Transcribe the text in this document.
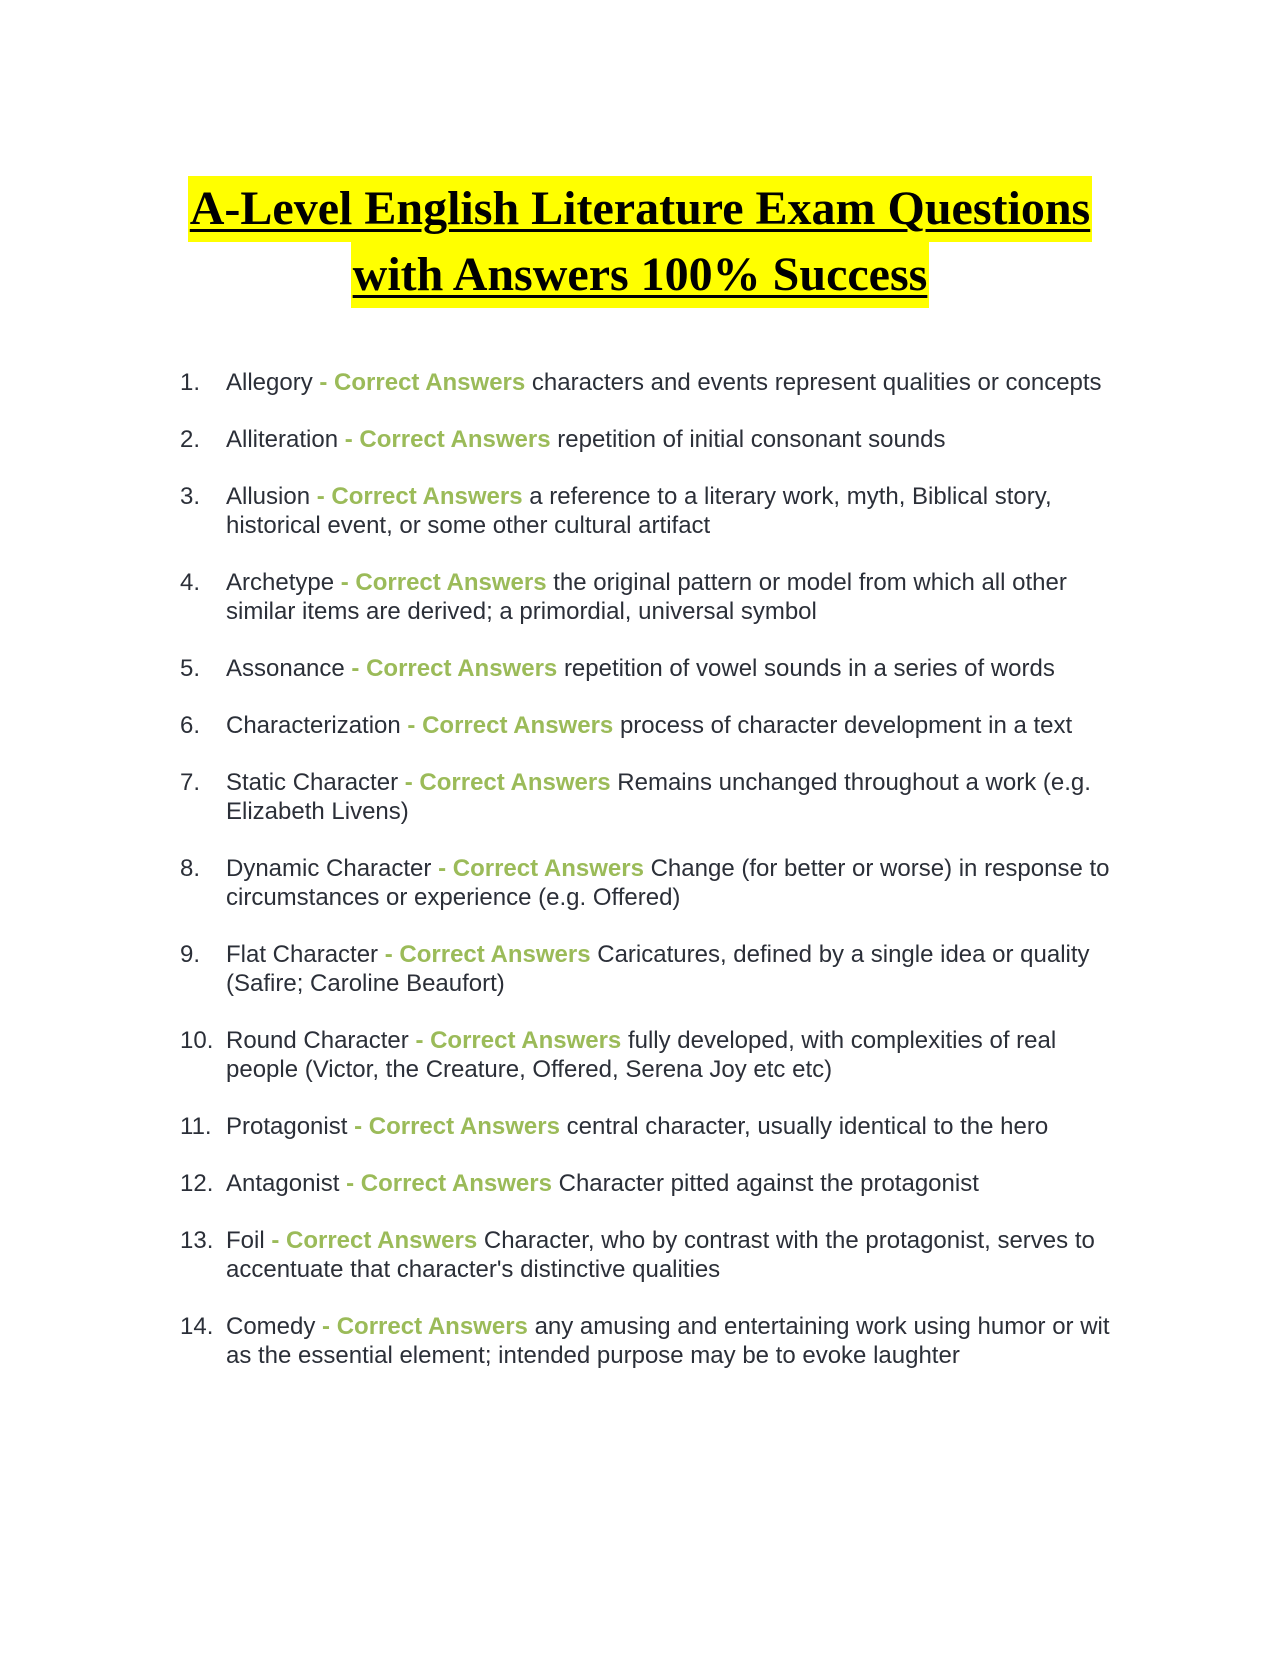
A-Level English Literature Exam Questions
with Answers 100% Success
1.	Allegory - Correct Answers characters and events represent qualities or concepts
2.	Alliteration - Correct Answers repetition of initial consonant sounds
3.	Allusion - Correct Answers a reference to a literary work, myth, Biblical story, historical event, or some other cultural artifact
4.	Archetype - Correct Answers the original pattern or model from which all other similar items are derived; a primordial, universal symbol
5.	Assonance - Correct Answers repetition of vowel sounds in a series of words
6.	Characterization - Correct Answers process of character development in a text
7.	Static Character - Correct Answers Remains unchanged throughout a work (e.g. Elizabeth Livens)
8.	Dynamic Character - Correct Answers Change (for better or worse) in response to circumstances or experience (e.g. Offered)
9.	Flat Character - Correct Answers Caricatures, defined by a single idea or quality (Safire; Caroline Beaufort)
10. Round Character - Correct Answers fully developed, with complexities of real people (Victor, the Creature, Offered, Serena Joy etc etc)
11. Protagonist - Correct Answers central character, usually identical to the hero
12. Antagonist - Correct Answers Character pitted against the protagonist
13. Foil - Correct Answers Character, who by contrast with the protagonist, serves to accentuate that character's distinctive qualities
14. Comedy - Correct Answers any amusing and entertaining work using humor or wit as the essential element; intended purpose may be to evoke laughter
